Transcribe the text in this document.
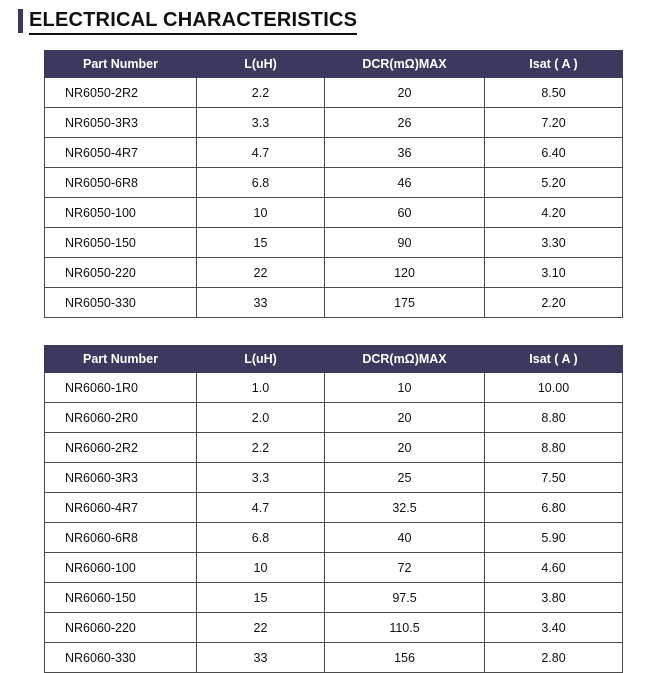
ELECTRICAL CHARACTERISTICS
Part Number	L(uH)	DCR(mΩ)MAX	Isat ( A )
NR6050-2R2	2.2	20	8.50
NR6050-3R3	3.3	26	7.20
NR6050-4R7	4.7	36	6.40
NR6050-6R8	6.8	46	5.20
NR6050-100	10	60	4.20
NR6050-150	15	90	3.30
NR6050-220	22	120	3.10
NR6050-330	33	175	2.20
Part Number	L(uH)	DCR(mΩ)MAX	Isat ( A )
NR6060-1R0	1.0	10	10.00
NR6060-2R0	2.0	20	8.80
NR6060-2R2	2.2	20	8.80
NR6060-3R3	3.3	25	7.50
NR6060-4R7	4.7	32.5	6.80
NR6060-6R8	6.8	40	5.90
NR6060-100	10	72	4.60
NR6060-150	15	97.5	3.80
NR6060-220	22	110.5	3.40
NR6060-330	33	156	2.80
